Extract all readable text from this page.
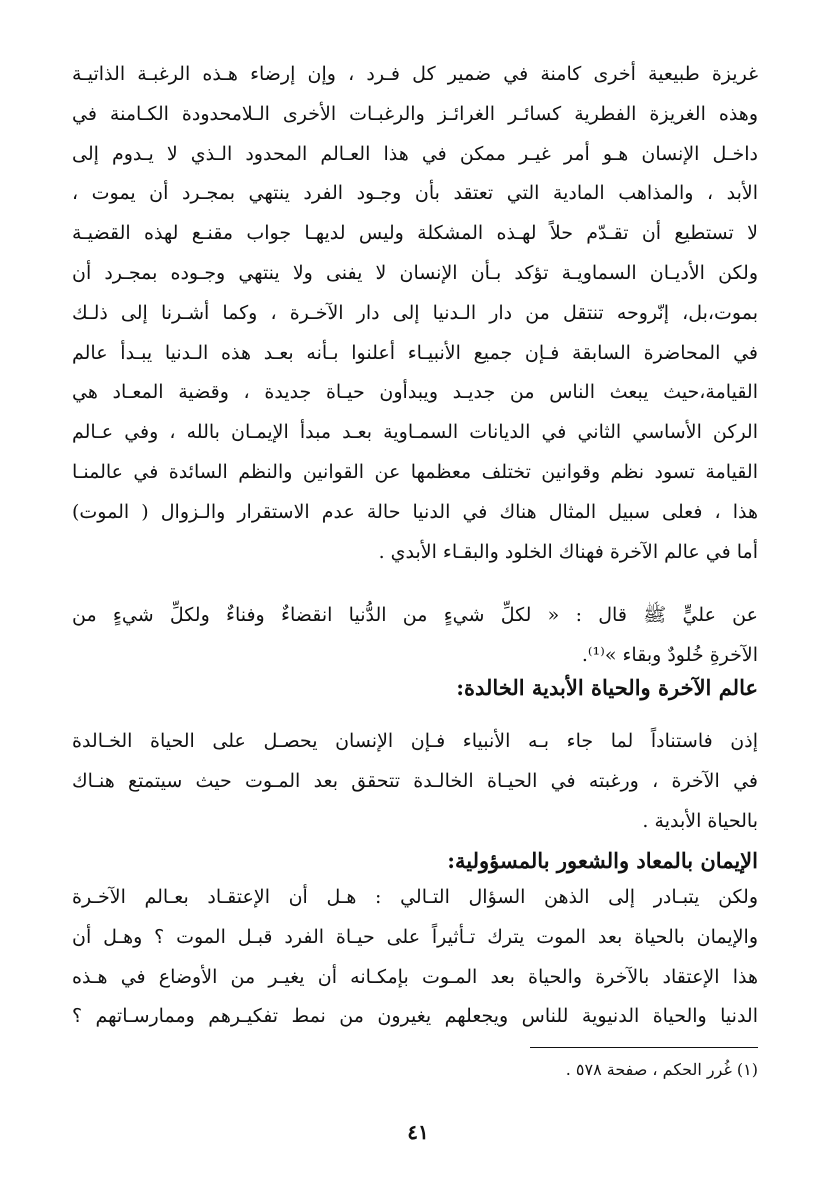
غريزة طبيعية أخرى كامنة في ضمير كل فـرد ، وإن إرضاء هـذه الرغبـة الذاتيـة
وهذه الغريزة الفطرية كسائـر الغرائـز والرغبـات الأخرى الـلامحدودة الكـامنة في
داخـل الإنسان هـو أمر غيـر ممكن في هذا العـالم المحدود الـذي لا يـدوم إلى
الأبد ، والمذاهب المادية التي تعتقد بأن وجـود الفرد ينتهي بمجـرد أن يموت ،
لا تستطيع أن تقـدّم حلاً لهـذه المشكلة وليس لديهـا جواب مقنـع لهذه القضيـة
ولكن الأديـان السماويـة تؤكد بـأن الإنسان لا يفنى ولا ينتهي وجـوده بمجـرد أن
بموت،بل، إنّروحه تنتقل من دار الـدنيا إلى دار الآخـرة ، وكما أشـرنا إلى ذلـك
في المحاضرة السابقة فـإن جميع الأنبيـاء أعلنوا بـأنه بعـد هذه الـدنيا يبـدأ عالم
القيامة،حيث يبعث الناس من جديـد ويبدأون حيـاة جديدة ، وقضية المعـاد هي
الركن الأساسي الثاني في الديانات السمـاوية بعـد مبدأ الإيمـان بالله ، وفي عـالم
القيامة تسود نظم وقوانين تختلف معظمها عن القوانين والنظم السائدة في عالمنـا
هذا ، فعلى سبيل المثال هناك في الدنيا حالة عدم الاستقرار والـزوال ( الموت)
أما في عالم الآخرة فهناك الخلود والبقـاء الأبدي .
عن عليٍّ ﷺ قال : « لكلِّ شيءٍ من الدُّنيا انقضاءٌ وفناءٌ ولكلِّ شيءٍ من
الآخرةِ خُلودٌ وبقاء »⁽¹⁾.
عالم الآخرة والحياة الأبدية الخالدة:
إذن فاستناداً لما جاء بـه الأنبياء فـإن الإنسان يحصـل على الحياة الخـالدة
في الآخرة ، ورغبته في الحيـاة الخالـدة تتحقق بعد المـوت حيث سيتمتع هنـاك
بالحياة الأبدية .
الإيمان بالمعاد والشعور بالمسؤولية:
ولكن يتبـادر إلى الذهن السؤال التـالي : هـل أن الإعتقـاد بعـالم الآخـرة
والإيمان بالحياة بعد الموت يترك تـأثيراً على حيـاة الفرد قبـل الموت ؟ وهـل أن
هذا الإعتقاد بالآخرة والحياة بعد المـوت بإمكـانه أن يغيـر من الأوضاع في هـذه
الدنيا والحياة الدنيوية للناس ويجعلهم يغيرون من نمط تفكيـرهم وممارسـاتهم ؟
(١) غُرر الحكم ، صفحة ٥٧٨ .
٤١
